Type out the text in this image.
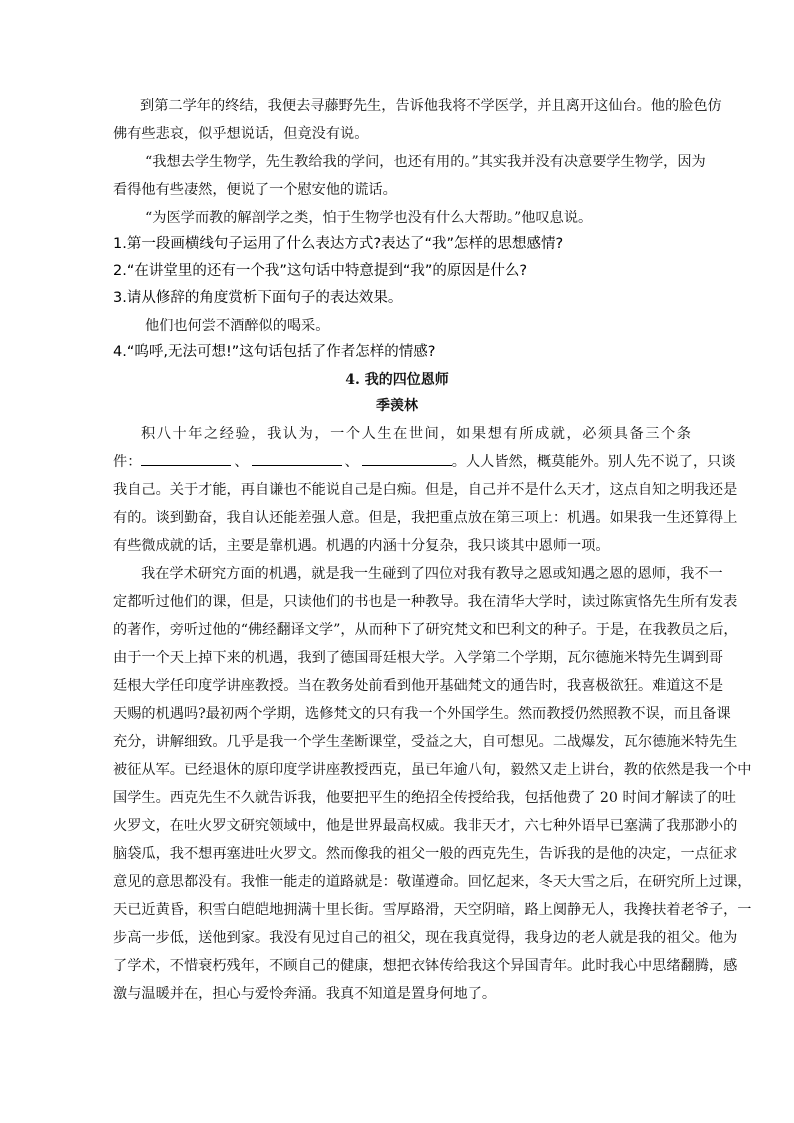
到第二学年的终结，我便去寻藤野先生，告诉他我将不学医学，并且离开这仙台。他的脸色仿
佛有些悲哀，似乎想说话，但竟没有说。
“我想去学生物学，先生教给我的学问，也还有用的。”其实我并没有决意要学生物学，因为
看得他有些凄然，便说了一个慰安他的谎话。
“为医学而教的解剖学之类，怕于生物学也没有什么大帮助。”他叹息说。
1.第一段画横线句子运用了什么表达方式?表达了“我”怎样的思想感情?
2.“在讲堂里的还有一个我”这句话中特意提到“我”的原因是什么?
3.请从修辞的角度赏析下面句子的表达效果。
他们也何尝不酒醉似的喝采。
4.“呜呼,无法可想!”这句话包括了作者怎样的情感?
4. 我的四位恩师
季羡林
积八十年之经验，我认为，一个人生在世间，如果想有所成就，必须具备三个条
件：	、	、	。人人皆然，概莫能外。别人先不说了，只谈
我自己。关于才能，再自谦也不能说自己是白痴。但是，自己并不是什么天才，这点自知之明我还是
有的。谈到勤奋，我自认还能差强人意。但是，我把重点放在第三项上：机遇。如果我一生还算得上
有些微成就的话，主要是靠机遇。机遇的内涵十分复杂，我只谈其中恩师一项。
我在学术研究方面的机遇，就是我一生碰到了四位对我有教导之恩或知遇之恩的恩师，我不一
定都听过他们的课，但是，只读他们的书也是一种教导。我在清华大学时，读过陈寅恪先生所有发表
的著作，旁听过他的“佛经翻译文学”，从而种下了研究梵文和巴利文的种子。于是，在我教员之后，
由于一个天上掉下来的机遇，我到了德国哥廷根大学。入学第二个学期，瓦尔德施米特先生调到哥
廷根大学任印度学讲座教授。当在教务处前看到他开基础梵文的通告时，我喜极欲狂。难道这不是
天赐的机遇吗?最初两个学期，选修梵文的只有我一个外国学生。然而教授仍然照教不误，而且备课
充分，讲解细致。几乎是我一个学生垄断课堂，受益之大，自可想见。二战爆发，瓦尔德施米特先生
被征从军。已经退休的原印度学讲座教授西克，虽已年逾八旬，毅然又走上讲台，教的依然是我一个中
国学生。西克先生不久就告诉我，他要把平生的绝招全传授给我，包括他费了 20 时间才解读了的吐
火罗文，在吐火罗文研究领域中，他是世界最高权威。我非天才，六七种外语早已塞满了我那渺小的
脑袋瓜，我不想再塞进吐火罗文。然而像我的祖父一般的西克先生，告诉我的是他的决定，一点征求
意见的意思都没有。我惟一能走的道路就是：敬谨遵命。回忆起来，冬天大雪之后，在研究所上过课，
天已近黄昏，积雪白皑皑地拥满十里长街。雪厚路滑，天空阴暗，路上阒静无人，我搀扶着老爷子，一
步高一步低，送他到家。我没有见过自己的祖父，现在我真觉得，我身边的老人就是我的祖父。他为
了学术，不惜衰朽残年，不顾自己的健康，想把衣钵传给我这个异国青年。此时我心中思绪翻腾，感
激与温暖并在，担心与爱怜奔涌。我真不知道是置身何地了。
